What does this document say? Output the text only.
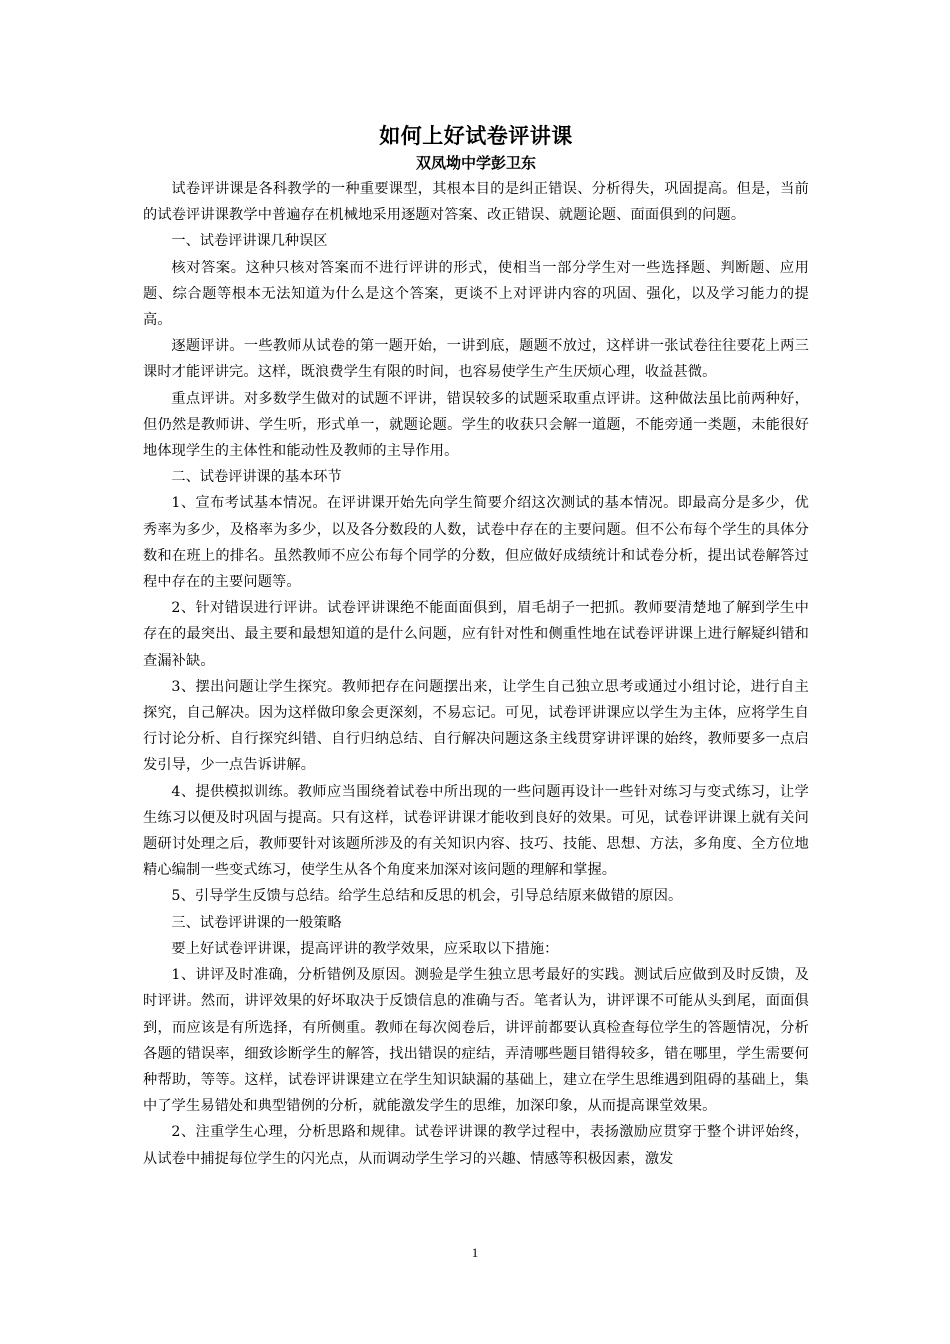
如何上好试卷评讲课
双凤坳中学彭卫东

试卷评讲课是各科教学的一种重要课型，其根本目的是纠正错误、分析得失，巩固提高。但是，当前的试卷评讲课教学中普遍存在机械地采用逐题对答案、改正错误、就题论题、面面俱到的问题。

一、试卷评讲课几种误区

核对答案。这种只核对答案而不进行评讲的形式，使相当一部分学生对一些选择题、判断题、应用题、综合题等根本无法知道为什么是这个答案，更谈不上对评讲内容的巩固、强化，以及学习能力的提高。

逐题评讲。一些教师从试卷的第一题开始，一讲到底，题题不放过，这样讲一张试卷往往要花上两三课时才能评讲完。这样，既浪费学生有限的时间，也容易使学生产生厌烦心理，收益甚微。

重点评讲。对多数学生做对的试题不评讲，错误较多的试题采取重点评讲。这种做法虽比前两种好，但仍然是教师讲、学生听，形式单一，就题论题。学生的收获只会解一道题，不能旁通一类题，未能很好地体现学生的主体性和能动性及教师的主导作用。

二、试卷评讲课的基本环节

1、宣布考试基本情况。在评讲课开始先向学生简要介绍这次测试的基本情况。即最高分是多少，优秀率为多少，及格率为多少，以及各分数段的人数，试卷中存在的主要问题。但不公布每个学生的具体分数和在班上的排名。虽然教师不应公布每个同学的分数，但应做好成绩统计和试卷分析，提出试卷解答过程中存在的主要问题等。

2、针对错误进行评讲。试卷评讲课绝不能面面俱到，眉毛胡子一把抓。教师要清楚地了解到学生中存在的最突出、最主要和最想知道的是什么问题，应有针对性和侧重性地在试卷评讲课上进行解疑纠错和查漏补缺。

3、摆出问题让学生探究。教师把存在问题摆出来，让学生自己独立思考或通过小组讨论，进行自主探究，自己解决。因为这样做印象会更深刻，不易忘记。可见，试卷评讲课应以学生为主体，应将学生自行讨论分析、自行探究纠错、自行归纳总结、自行解决问题这条主线贯穿讲评课的始终，教师要多一点启发引导，少一点告诉讲解。

4、提供模拟训练。教师应当围绕着试卷中所出现的一些问题再设计一些针对练习与变式练习，让学生练习以便及时巩固与提高。只有这样，试卷评讲课才能收到良好的效果。可见，试卷评讲课上就有关问题研讨处理之后，教师要针对该题所涉及的有关知识内容、技巧、技能、思想、方法，多角度、全方位地精心编制一些变式练习，使学生从各个角度来加深对该问题的理解和掌握。

5、引导学生反馈与总结。给学生总结和反思的机会，引导总结原来做错的原因。

三、试卷评讲课的一般策略

要上好试卷评讲课，提高评讲的教学效果，应采取以下措施：

1、讲评及时准确，分析错例及原因。测验是学生独立思考最好的实践。测试后应做到及时反馈，及时评讲。然而，讲评效果的好坏取决于反馈信息的准确与否。笔者认为，讲评课不可能从头到尾，面面俱到，而应该是有所选择，有所侧重。教师在每次阅卷后，讲评前都要认真检查每位学生的答题情况，分析各题的错误率，细致诊断学生的解答，找出错误的症结，弄清哪些题目错得较多，错在哪里，学生需要何种帮助，等等。这样，试卷评讲课建立在学生知识缺漏的基础上，建立在学生思维遇到阻碍的基础上，集中了学生易错处和典型错例的分析，就能激发学生的思维，加深印象，从而提高课堂效果。

2、注重学生心理，分析思路和规律。试卷评讲课的教学过程中，表扬激励应贯穿于整个讲评始终，从试卷中捕捉每位学生的闪光点，从而调动学生学习的兴趣、情感等积极因素，激发

1
